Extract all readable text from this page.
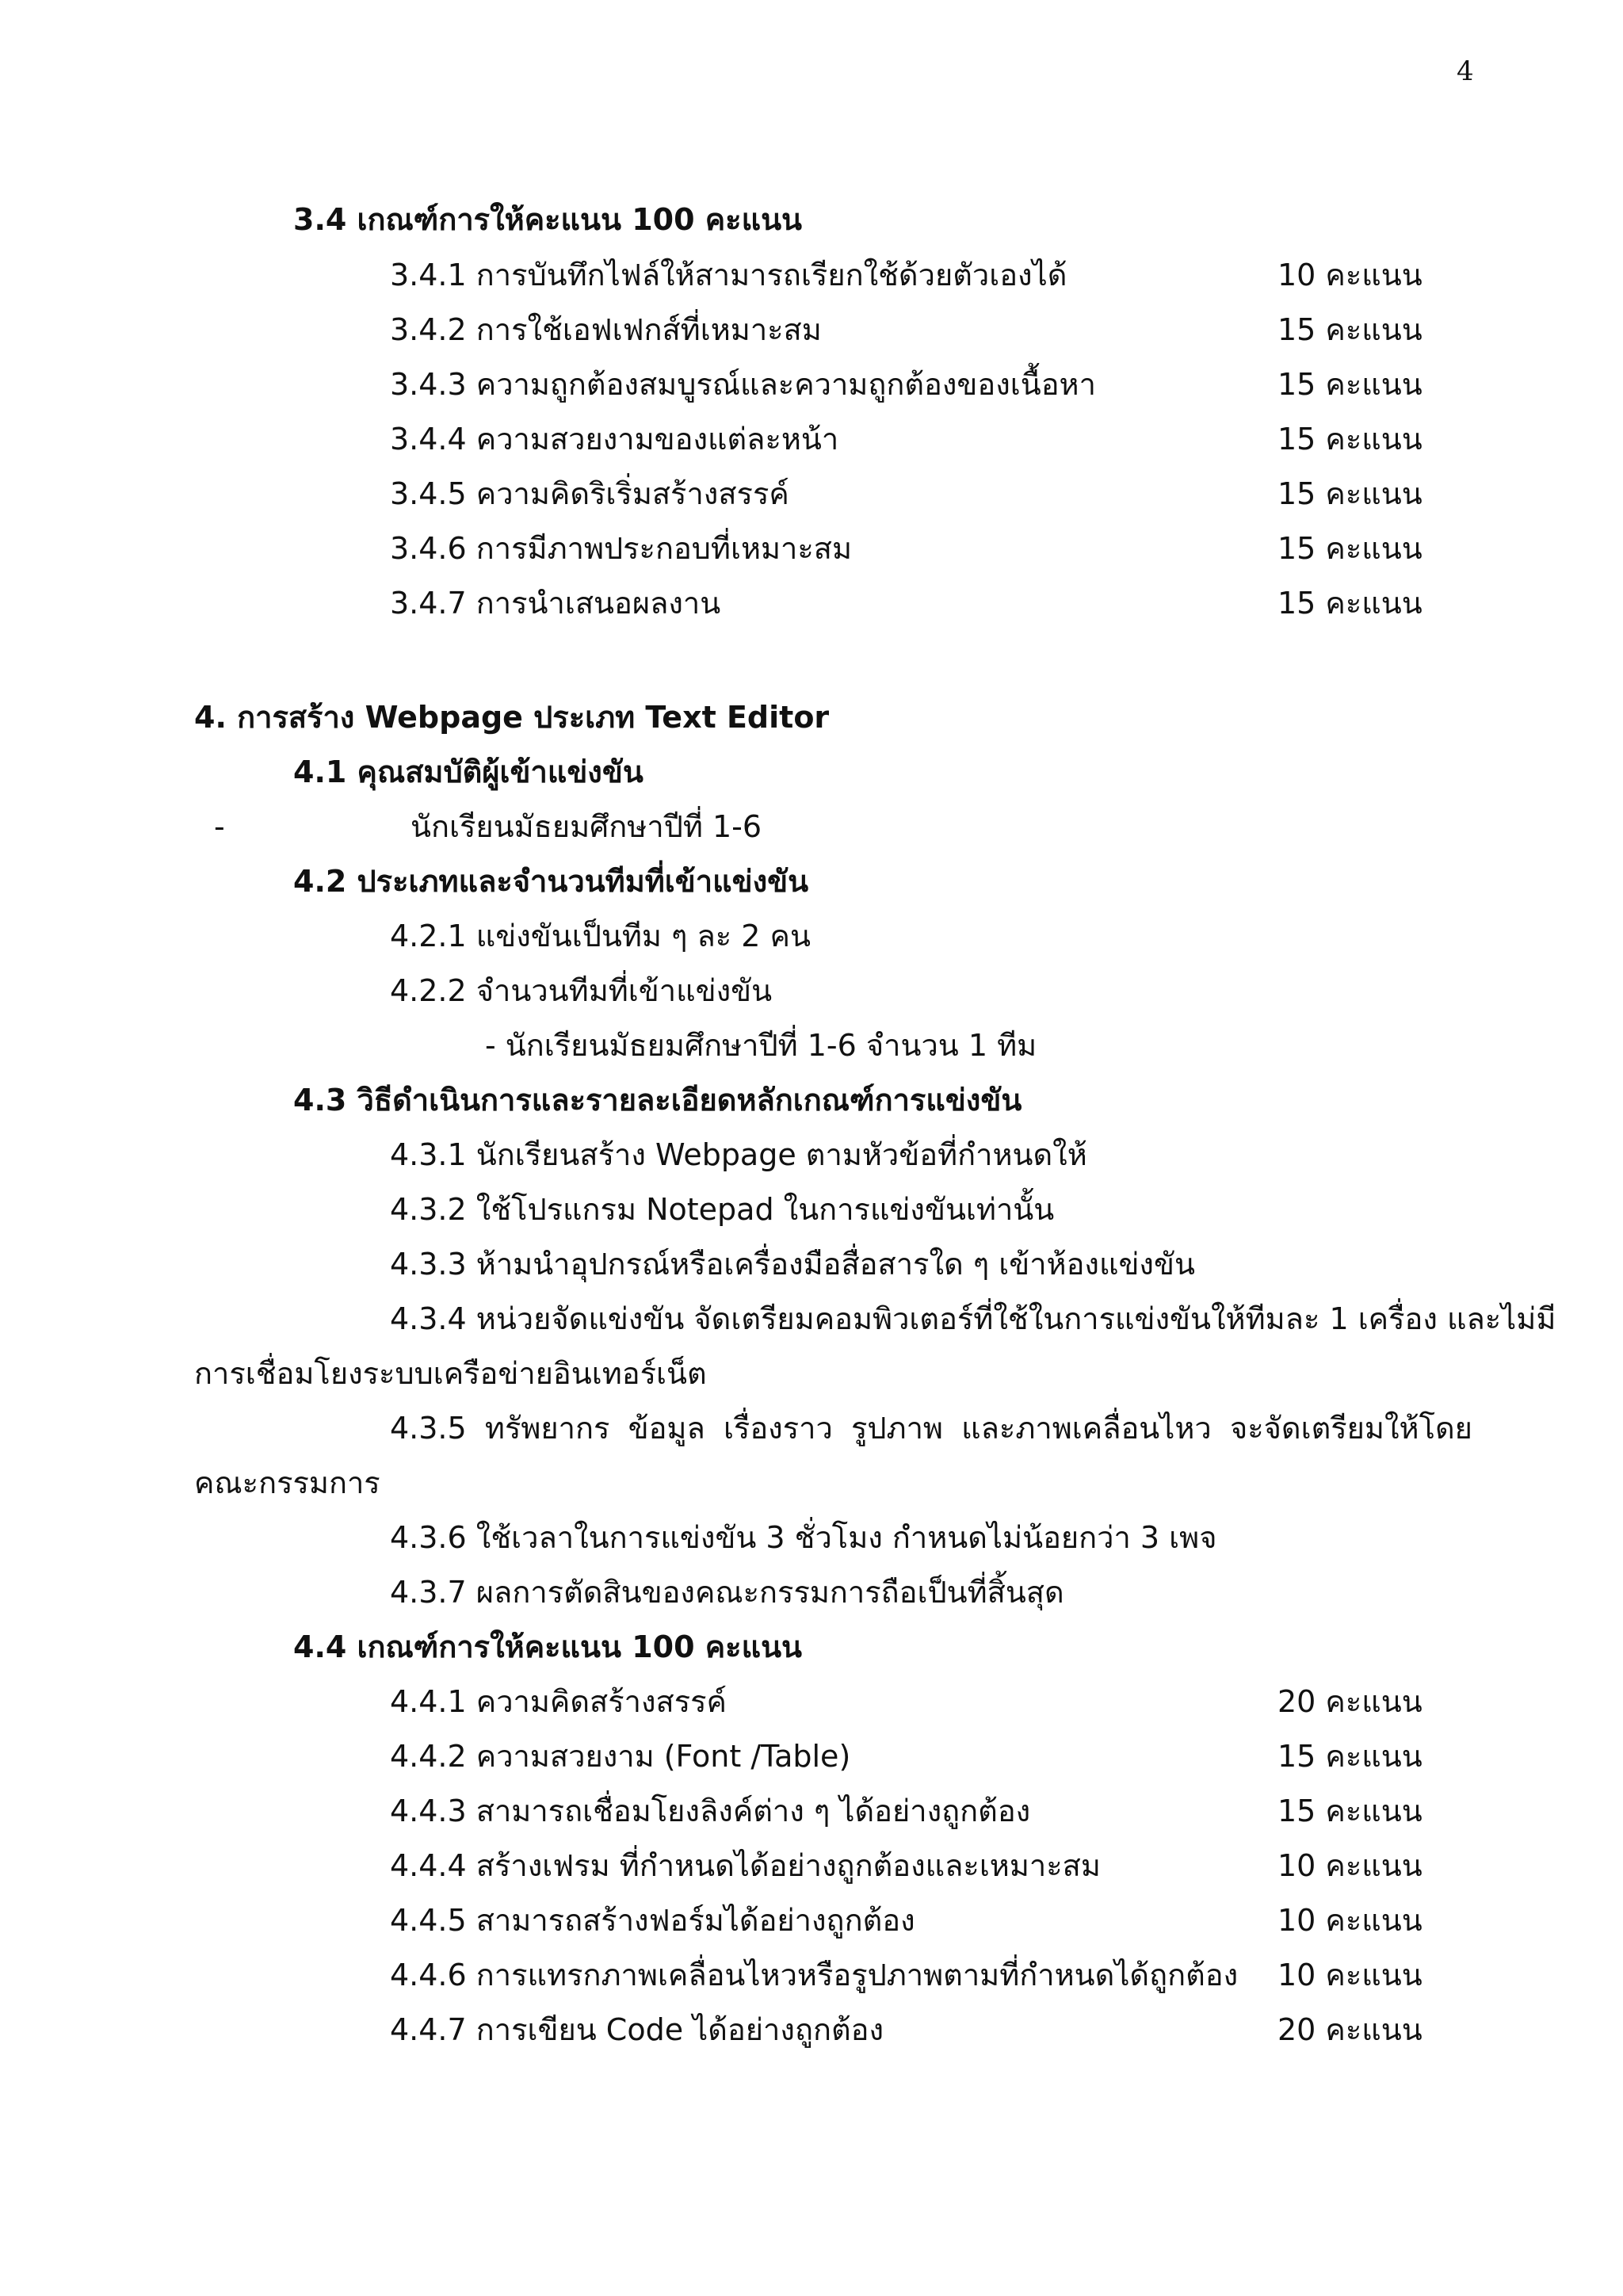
4
3.4 เกณฑ์การให้คะแนน 100 คะแนน
3.4.1 การบันทึกไฟล์ให้สามารถเรียกใช้ด้วยตัวเองได้	10 คะแนน
3.4.2 การใช้เอฟเฟกส์ที่เหมาะสม	15 คะแนน
3.4.3 ความถูกต้องสมบูรณ์และความถูกต้องของเนื้อหา	15 คะแนน
3.4.4 ความสวยงามของแต่ละหน้า	15 คะแนน
3.4.5 ความคิดริเริ่มสร้างสรรค์	15 คะแนน
3.4.6 การมีภาพประกอบที่เหมาะสม	15 คะแนน
3.4.7 การนำเสนอผลงาน	15 คะแนน
4. การสร้าง Webpage ประเภท Text Editor
4.1 คุณสมบัติผู้เข้าแข่งขัน
-	นักเรียนมัธยมศึกษาปีที่ 1-6
4.2 ประเภทและจำนวนทีมที่เข้าแข่งขัน
4.2.1 แข่งขันเป็นทีม ๆ ละ 2 คน
4.2.2 จำนวนทีมที่เข้าแข่งขัน
- นักเรียนมัธยมศึกษาปีที่ 1-6 จำนวน 1 ทีม
4.3 วิธีดำเนินการและรายละเอียดหลักเกณฑ์การแข่งขัน
4.3.1 นักเรียนสร้าง Webpage ตามหัวข้อที่กำหนดให้
4.3.2 ใช้โปรแกรม Notepad ในการแข่งขันเท่านั้น
4.3.3 ห้ามนำอุปกรณ์หรือเครื่องมือสื่อสารใด ๆ เข้าห้องแข่งขัน
4.3.4 หน่วยจัดแข่งขัน จัดเตรียมคอมพิวเตอร์ที่ใช้ในการแข่งขันให้ทีมละ 1 เครื่อง และไม่มี
การเชื่อมโยงระบบเครือข่ายอินเทอร์เน็ต
4.3.5 ทรัพยากร ข้อมูล เรื่องราว รูปภาพ และภาพเคลื่อนไหว จะจัดเตรียมให้โดย
คณะกรรมการ
4.3.6 ใช้เวลาในการแข่งขัน 3 ชั่วโมง กำหนดไม่น้อยกว่า 3 เพจ
4.3.7 ผลการตัดสินของคณะกรรมการถือเป็นที่สิ้นสุด
4.4 เกณฑ์การให้คะแนน 100 คะแนน
4.4.1 ความคิดสร้างสรรค์	20 คะแนน
4.4.2 ความสวยงาม (Font /Table)	15 คะแนน
4.4.3 สามารถเชื่อมโยงลิงค์ต่าง ๆ ได้อย่างถูกต้อง	15 คะแนน
4.4.4 สร้างเฟรม ที่กำหนดได้อย่างถูกต้องและเหมาะสม	10 คะแนน
4.4.5 สามารถสร้างฟอร์มได้อย่างถูกต้อง	10 คะแนน
4.4.6 การแทรกภาพเคลื่อนไหวหรือรูปภาพตามที่กำหนดได้ถูกต้อง 10 คะแนน
4.4.7 การเขียน Code ได้อย่างถูกต้อง	20 คะแนน
